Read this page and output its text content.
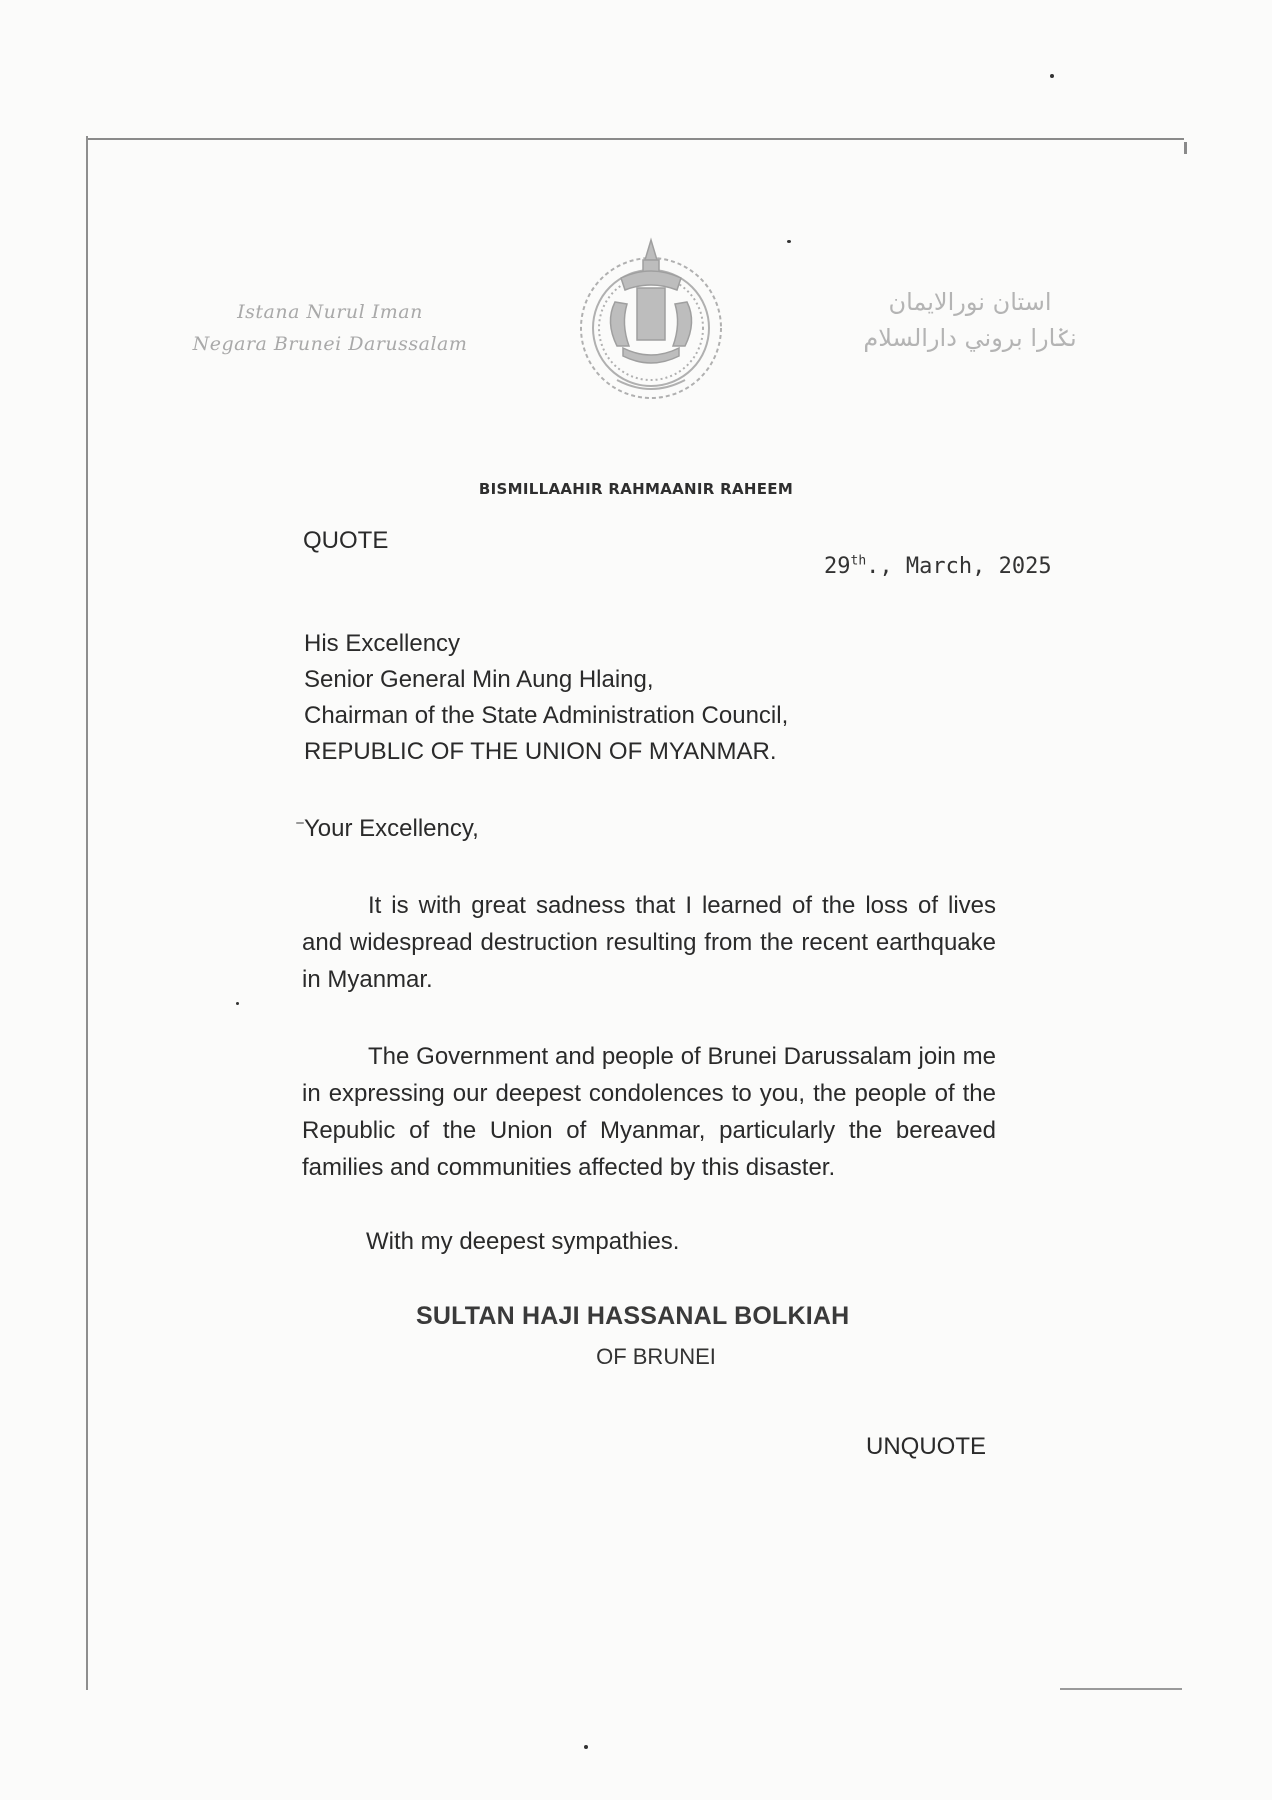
Istana Nurul Iman
Negara Brunei Darussalam
استان نورالايمان
نݢارا بروني دارالسلام
BISMILLAAHIR RAHMAANIR RAHEEM
QUOTE
29th., March, 2025
His Excellency
Senior General Min Aung Hlaing,
Chairman of the State Administration Council,
REPUBLIC OF THE UNION OF MYANMAR.
Your Excellency,
It is with great sadness that I learned of the loss of lives and widespread destruction resulting from the recent earthquake in Myanmar.
The Government and people of Brunei Darussalam join me in expressing our deepest condolences to you, the people of the Republic of the Union of Myanmar, particularly the bereaved families and communities affected by this disaster.
With my deepest sympathies.
SULTAN HAJI HASSANAL BOLKIAH
OF BRUNEI
UNQUOTE
